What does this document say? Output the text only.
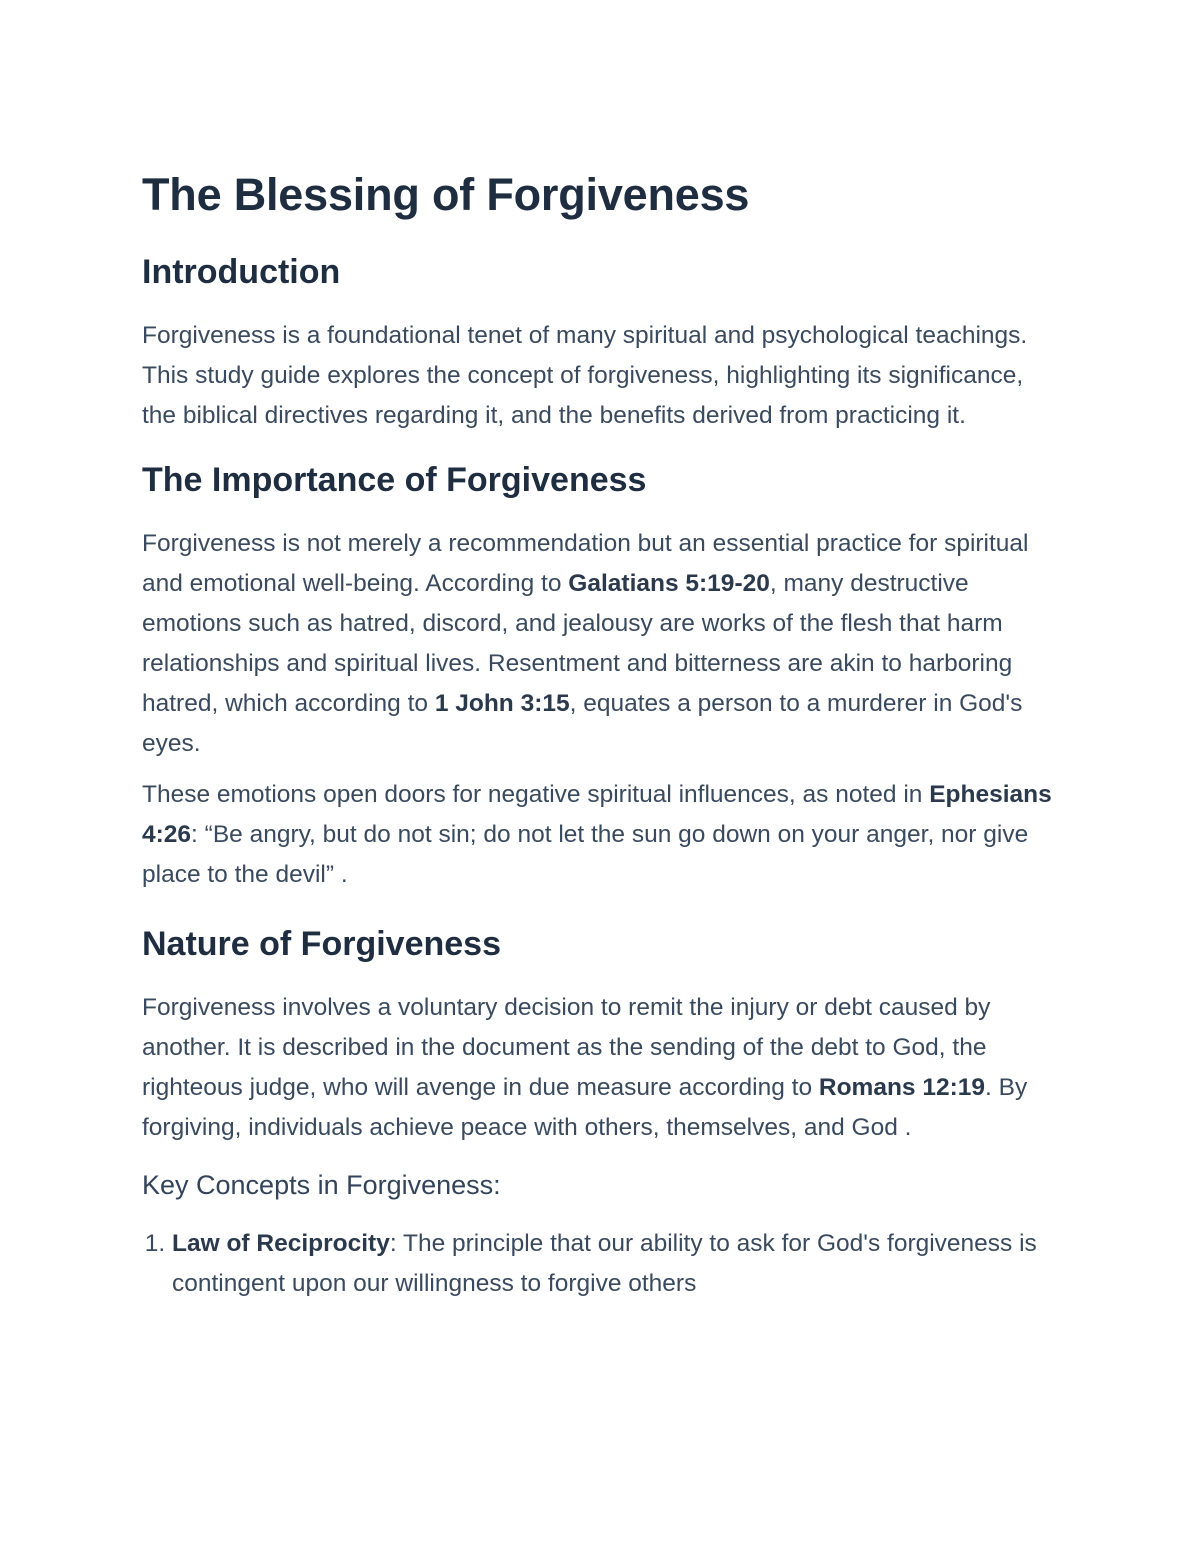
The Blessing of Forgiveness
Introduction

Forgiveness is a foundational tenet of many spiritual and psychological teachings. This study guide explores the concept of forgiveness, highlighting its significance, the biblical directives regarding it, and the benefits derived from practicing it.

The Importance of Forgiveness

Forgiveness is not merely a recommendation but an essential practice for spiritual and emotional well-being. According to Galatians 5:19-20, many destructive emotions such as hatred, discord, and jealousy are works of the flesh that harm relationships and spiritual lives. Resentment and bitterness are akin to harboring hatred, which according to 1 John 3:15, equates a person to a murderer in God's eyes.

These emotions open doors for negative spiritual influences, as noted in Ephesians 4:26: “Be angry, but do not sin; do not let the sun go down on your anger, nor give place to the devil” .

Nature of Forgiveness

Forgiveness involves a voluntary decision to remit the injury or debt caused by another. It is described in the document as the sending of the debt to God, the righteous judge, who will avenge in due measure according to Romans 12:19. By forgiving, individuals achieve peace with others, themselves, and God .

Key Concepts in Forgiveness:
1. Law of Reciprocity: The principle that our ability to ask for God's forgiveness is contingent upon our willingness to forgive others
